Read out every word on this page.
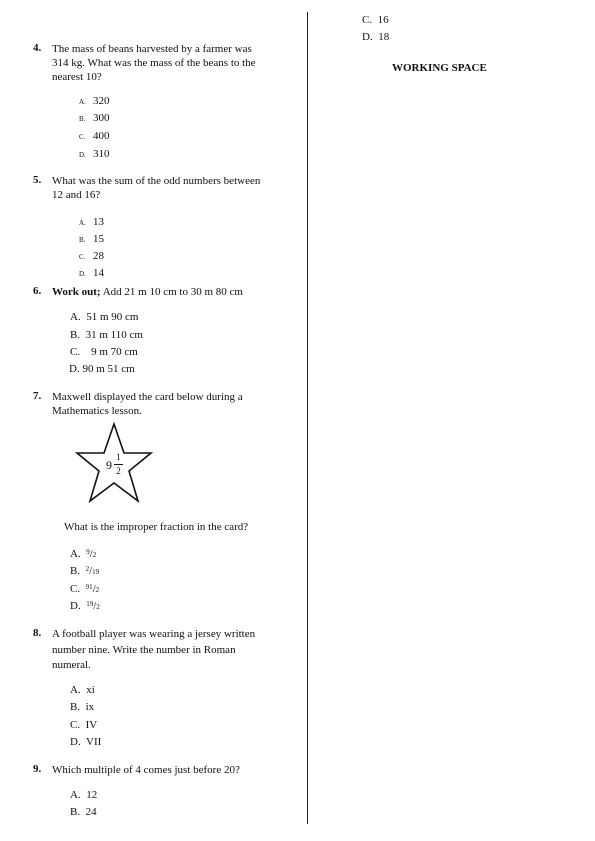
C. 16
D. 18
WORKING SPACE
4. The mass of beans harvested by a farmer was
314 kg. What was the mass of the beans to the
nearest 10?
A. 320
B. 300
C. 400
D. 310
5. What was the sum of the odd numbers between
12 and 16?
A. 13
B. 15
C. 28
D. 14
6. Work out; Add 21 m 10 cm to 30 m 80 cm
A.  51 m 90 cm
B.  31 m 110 cm
C.    9 m 70 cm
D. 90 m 51 cm
7. Maxwell displayed the card below during a
Mathematics lesson.
9
1
2
What is the improper fraction in the card?
A. $^9$/2
B. $^2$/19
C. $^{91}$/2
D. $^{19}$/2
8. A football player was wearing a jersey written
number nine. Write the number in Roman
numeral.
A.  xi
B.  ix
C.  IV
D.  VII
9. Which multiple of 4 comes just before 20?
A.  12
B.  24
